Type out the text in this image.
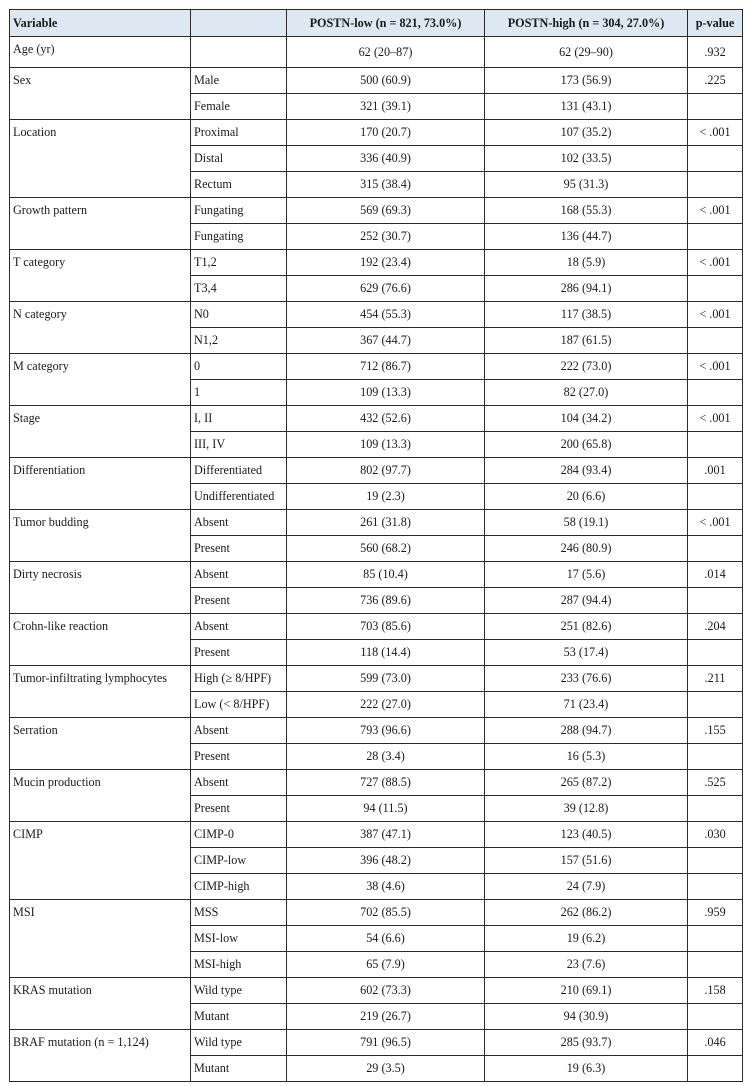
Variable		POSTN-low (n = 821, 73.0%)	POSTN-high (n = 304, 27.0%)	p-value
Age (yr)		62 (20–87)	62 (29–90)	.932
Sex	Male	500 (60.9)	173 (56.9)	.225
	Female	321 (39.1)	131 (43.1)	
Location	Proximal	170 (20.7)	107 (35.2)	< .001
	Distal	336 (40.9)	102 (33.5)	
	Rectum	315 (38.4)	95 (31.3)	
Growth pattern	Fungating	569 (69.3)	168 (55.3)	< .001
	Fungating	252 (30.7)	136 (44.7)	
T category	T1,2	192 (23.4)	18 (5.9)	< .001
	T3,4	629 (76.6)	286 (94.1)	
N category	N0	454 (55.3)	117 (38.5)	< .001
	N1,2	367 (44.7)	187 (61.5)	
M category	0	712 (86.7)	222 (73.0)	< .001
	1	109 (13.3)	82 (27.0)	
Stage	I, II	432 (52.6)	104 (34.2)	< .001
	III, IV	109 (13.3)	200 (65.8)	
Differentiation	Differentiated	802 (97.7)	284 (93.4)	.001
	Undifferentiated	19 (2.3)	20 (6.6)	
Tumor budding	Absent	261 (31.8)	58 (19.1)	< .001
	Present	560 (68.2)	246 (80.9)	
Dirty necrosis	Absent	85 (10.4)	17 (5.6)	.014
	Present	736 (89.6)	287 (94.4)	
Crohn-like reaction	Absent	703 (85.6)	251 (82.6)	.204
	Present	118 (14.4)	53 (17.4)	
Tumor-infiltrating lymphocytes	High (≥ 8/HPF)	599 (73.0)	233 (76.6)	.211
	Low (< 8/HPF)	222 (27.0)	71 (23.4)	
Serration	Absent	793 (96.6)	288 (94.7)	.155
	Present	28 (3.4)	16 (5.3)	
Mucin production	Absent	727 (88.5)	265 (87.2)	.525
	Present	94 (11.5)	39 (12.8)	
CIMP	CIMP-0	387 (47.1)	123 (40.5)	.030
	CIMP-low	396 (48.2)	157 (51.6)	
	CIMP-high	38 (4.6)	24 (7.9)	
MSI	MSS	702 (85.5)	262 (86.2)	.959
	MSI-low	54 (6.6)	19 (6.2)	
	MSI-high	65 (7.9)	23 (7.6)	
KRAS mutation	Wild type	602 (73.3)	210 (69.1)	.158
	Mutant	219 (26.7)	94 (30.9)	
BRAF mutation (n = 1,124)	Wild type	791 (96.5)	285 (93.7)	.046
	Mutant	29 (3.5)	19 (6.3)	
